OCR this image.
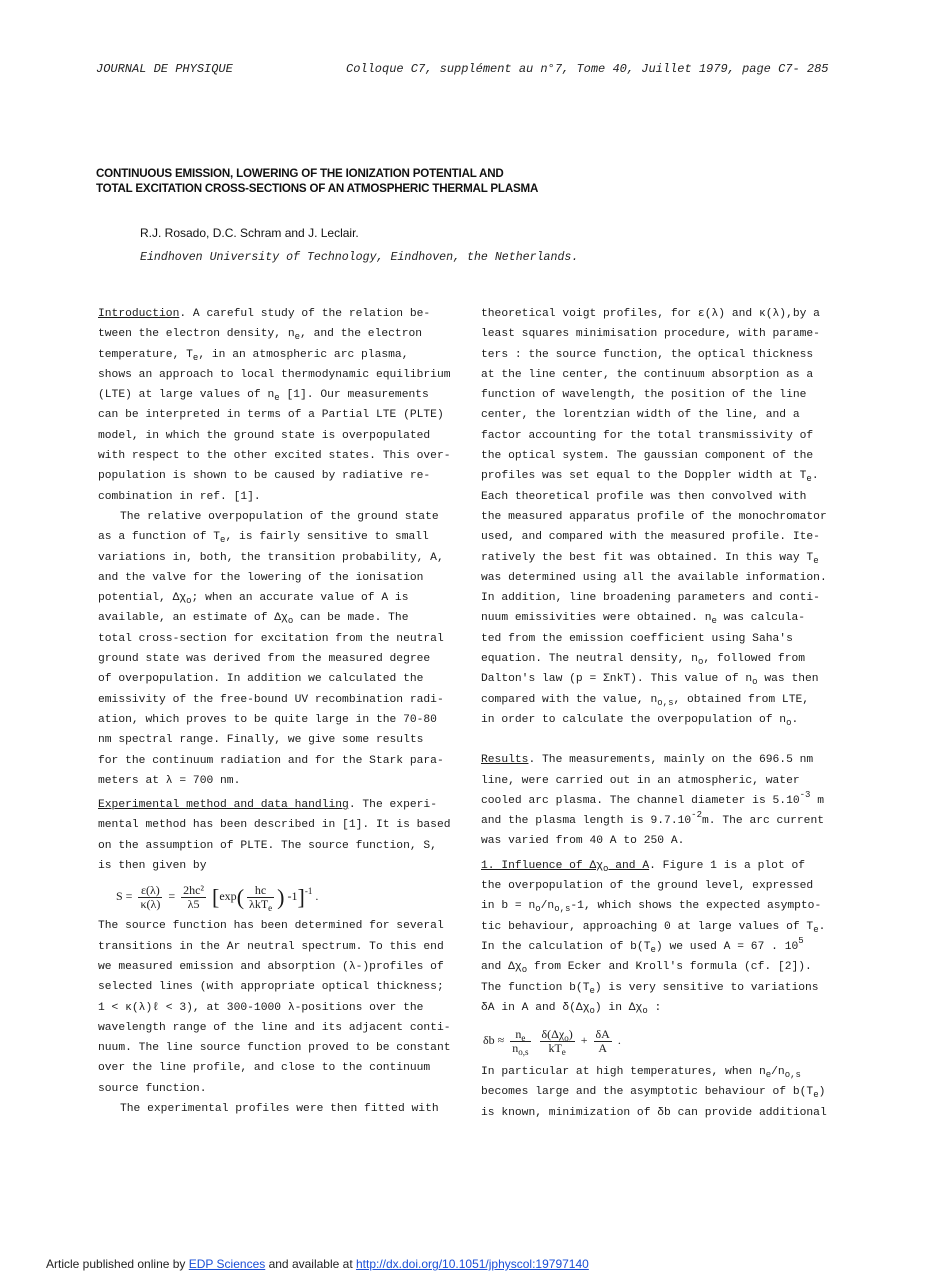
JOURNAL DE PHYSIQUE	Colloque C7, supplément au n°7, Tome 40, Juillet 1979, page C7- 285
CONTINUOUS EMISSION, LOWERING OF THE IONIZATION POTENTIAL AND
TOTAL EXCITATION CROSS-SECTIONS OF AN ATMOSPHERIC THERMAL PLASMA
R.J. Rosado, D.C. Schram and J. Leclair.
Eindhoven University of Technology, Eindhoven, the Netherlands.
Introduction. A careful study of the relation be-
tween the electron density, $n_e$, and the electron
temperature, $T_e$, in an atmospheric arc plasma,
shows an approach to local thermodynamic equilibrium
(LTE) at large values of $n_e$ [1]. Our measurements
can be interpreted in terms of a Partial LTE (PLTE)
model, in which the ground state is overpopulated
with respect to the other excited states. This over-
population is shown to be caused by radiative re-
combination in ref. [1].
The relative overpopulation of the ground state
as a function of $T_e$, is fairly sensitive to small
variations in, both, the transition probability, A,
and the valve for the lowering of the ionisation
potential, $\Delta\chi_o$; when an accurate value of A is
available, an estimate of $\Delta\chi_o$ can be made. The
total cross-section for excitation from the neutral
ground state was derived from the measured degree
of overpopulation. In addition we calculated the
emissivity of the free-bound UV recombination radi-
ation, which proves to be quite large in the 70-80
nm spectral range. Finally, we give some results
for the continuum radiation and for the Stark para-
meters at λ = 700 nm.
Experimental method and data handling. The experi-
mental method has been described in [1]. It is based
on the assumption of PLTE. The source function, S,
is then given by
$S = \frac{\varepsilon(\lambda)}{\kappa(\lambda)} = \frac{\text{2hc²}}{\lambda 5} [\exp( \frac{hc}{\lambda kT_e}$ ) -1]$^{-1}$ .
The source function has been determined for several
transitions in the Ar neutral spectrum. To this end
we measured emission and absorption (λ-)profiles of
selected lines (with appropriate optical thickness;
1 < κ(λ)ℓ < 3), at 300-1000 λ-positions over the
wavelength range of the line and its adjacent conti-
nuum. The line source function proved to be constant
over the line profile, and close to the continuum
source function.
The experimental profiles were then fitted with
theoretical voigt profiles, for ε(λ) and κ(λ),by a
least squares minimisation procedure, with parame-
ters : the source function, the optical thickness
at the line center, the continuum absorption as a
function of wavelength, the position of the line
center, the lorentzian width of the line, and a
factor accounting for the total transmissivity of
the optical system. The gaussian component of the
profiles was set equal to the Doppler width at $T_e$.
Each theoretical profile was then convolved with
the measured apparatus profile of the monochromator
used, and compared with the measured profile. Ite-
ratively the best fit was obtained. In this way $T_e$
was determined using all the available information.
In addition, line broadening parameters and conti-
nuum emissivities were obtained. $n_e$ was calcula-
ted from the emission coefficient using Saha's
equation. The neutral density, $n_o$, followed from
Dalton's law (p = ΣnkT). This value of $n_o$ was then
compared with the value, $n_{o,s}$, obtained from LTE,
in order to calculate the overpopulation of $n_o$.
Results. The measurements, mainly on the 696.5 nm
line, were carried out in an atmospheric, water
cooled arc plasma. The channel diameter is $5.10^{-3}$ m
and the plasma length is $9.7.10^{-2}m$. The arc current
was varied from 40 A to 250 A.
1. Influence of $\Delta\chi_o$ and A. Figure 1 is a plot of
the overpopulation of the ground level, expressed
in $b = n_o/n_{o,s}-1$, which shows the expected asympto-
tic behaviour, approaching 0 at large values of $T_e$.
In the calculation of $b(T_e)$ we used A = 67 . $10^5$
and $\Delta\chi_o$ from Ecker and Kroll's formula (cf. [2]).
The function $b(T_e)$ is very sensitive to variations
δA in A and $\delta(\Delta\chi_o)$ in $\Delta\chi_o$ :
$\delta b \approx \frac{n_e}{n_{o,s}}$
$\frac{\delta(\Delta\chi_o)}{kT_e} + \frac{\delta A}{A}$ .
In particular at high temperatures, when $n_e/n_{o,s}$
becomes large and the asymptotic behaviour of $b(T_e)$
is known, minimization of δb can provide additional
Article published online by EDP Sciences and available at http://dx.doi.org/10.1051/jphyscol:19797140
